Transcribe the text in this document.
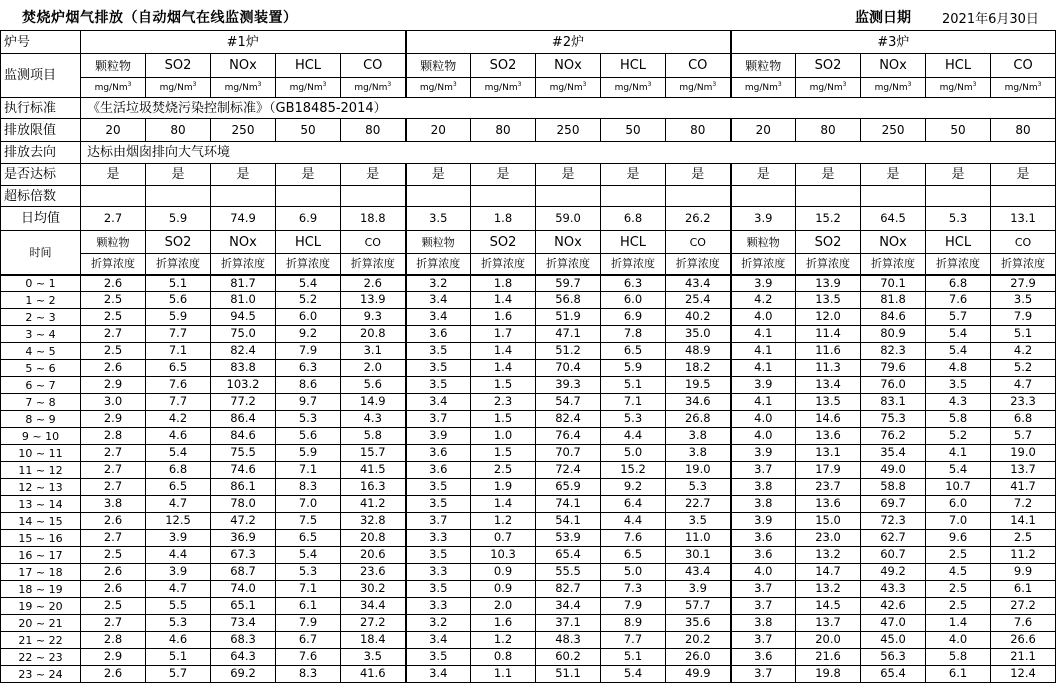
焚烧炉烟气排放（自动烟气在线监测装置）	监测日期 2021年6月30日
炉号	#1炉					#2炉					#3炉				
监测项目	颗粒物	SO2	NOx	HCL	CO	颗粒物	SO2	NOx	HCL	CO	颗粒物	SO2	NOx	HCL	CO
	mg/Nm$^3$	mg/Nm$^3$	mg/Nm$^3$	mg/Nm$^3$	mg/Nm$^3$	mg/Nm$^3$	mg/Nm$^3$	mg/Nm$^3$	mg/Nm$^3$	mg/Nm$^3$	mg/Nm$^3$	mg/Nm$^3$	mg/Nm$^3$	mg/Nm$^3$	mg/Nm$^3$
执行标准	《生活垃圾焚烧污染控制标准》（GB18485-2014）														
排放限值	20	80	250	50	80	20	80	250	50	80	20	80	250	50	80
排放去向	达标由烟囱排向大气环境														
是否达标	是	是	是	是	是	是	是	是	是	是	是	是	是	是	是
超标倍数															
日均值	2.7	5.9	74.9	6.9	18.8	3.5	1.8	59.0	6.8	26.2	3.9	15.2	64.5	5.3	13.1
时间	颗粒物	SO2	NOx	HCL	CO	颗粒物	SO2	NOx	HCL	CO	颗粒物	SO2	NOx	HCL	CO
	折算浓度	折算浓度	折算浓度	折算浓度	折算浓度	折算浓度	折算浓度	折算浓度	折算浓度	折算浓度	折算浓度	折算浓度	折算浓度	折算浓度	折算浓度
0 ~ 1	2.6	5.1	81.7	5.4	2.6	3.2	1.8	59.7	6.3	43.4	3.9	13.9	70.1	6.8	27.9
1 ~ 2	2.5	5.6	81.0	5.2	13.9	3.4	1.4	56.8	6.0	25.4	4.2	13.5	81.8	7.6	3.5
2 ~ 3	2.5	5.9	94.5	6.0	9.3	3.4	1.6	51.9	6.9	40.2	4.0	12.0	84.6	5.7	7.9
3 ~ 4	2.7	7.7	75.0	9.2	20.8	3.6	1.7	47.1	7.8	35.0	4.1	11.4	80.9	5.4	5.1
4 ~ 5	2.5	7.1	82.4	7.9	3.1	3.5	1.4	51.2	6.5	48.9	4.1	11.6	82.3	5.4	4.2
5 ~ 6	2.6	6.5	83.8	6.3	2.0	3.5	1.4	70.4	5.9	18.2	4.1	11.3	79.6	4.8	5.2
6 ~ 7	2.9	7.6	103.2	8.6	5.6	3.5	1.5	39.3	5.1	19.5	3.9	13.4	76.0	3.5	4.7
7 ~ 8	3.0	7.7	77.2	9.7	14.9	3.4	2.3	54.7	7.1	34.6	4.1	13.5	83.1	4.3	23.3
8 ~ 9	2.9	4.2	86.4	5.3	4.3	3.7	1.5	82.4	5.3	26.8	4.0	14.6	75.3	5.8	6.8
9 ~ 10	2.8	4.6	84.6	5.6	5.8	3.9	1.0	76.4	4.4	3.8	4.0	13.6	76.2	5.2	5.7
10 ~ 11	2.7	5.4	75.5	5.9	15.7	3.6	1.5	70.7	5.0	3.8	3.9	13.1	35.4	4.1	19.0
11 ~ 12	2.7	6.8	74.6	7.1	41.5	3.6	2.5	72.4	15.2	19.0	3.7	17.9	49.0	5.4	13.7
12 ~ 13	2.7	6.5	86.1	8.3	16.3	3.5	1.9	65.9	9.2	5.3	3.8	23.7	58.8	10.7	41.7
13 ~ 14	3.8	4.7	78.0	7.0	41.2	3.5	1.4	74.1	6.4	22.7	3.8	13.6	69.7	6.0	7.2
14 ~ 15	2.6	12.5	47.2	7.5	32.8	3.7	1.2	54.1	4.4	3.5	3.9	15.0	72.3	7.0	14.1
15 ~ 16	2.7	3.9	36.9	6.5	20.8	3.3	0.7	53.9	7.6	11.0	3.6	23.0	62.7	9.6	2.5
16 ~ 17	2.5	4.4	67.3	5.4	20.6	3.5	10.3	65.4	6.5	30.1	3.6	13.2	60.7	2.5	11.2
17 ~ 18	2.6	3.9	68.7	5.3	23.6	3.3	0.9	55.5	5.0	43.4	4.0	14.7	49.2	4.5	9.9
18 ~ 19	2.6	4.7	74.0	7.1	30.2	3.5	0.9	82.7	7.3	3.9	3.7	13.2	43.3	2.5	6.1
19 ~ 20	2.5	5.5	65.1	6.1	34.4	3.3	2.0	34.4	7.9	57.7	3.7	14.5	42.6	2.5	27.2
20 ~ 21	2.7	5.3	73.4	7.9	27.2	3.2	1.6	37.1	8.9	35.6	3.8	13.7	47.0	1.4	7.6
21 ~ 22	2.8	4.6	68.3	6.7	18.4	3.4	1.2	48.3	7.7	20.2	3.7	20.0	45.0	4.0	26.6
22 ~ 23	2.9	5.1	64.3	7.6	3.5	3.5	0.8	60.2	5.1	26.0	3.6	21.6	56.3	5.8	21.1
23 ~ 24	2.6	5.7	69.2	8.3	41.6	3.4	1.1	51.1	5.4	49.9	3.7	19.8	65.4	6.1	12.4
